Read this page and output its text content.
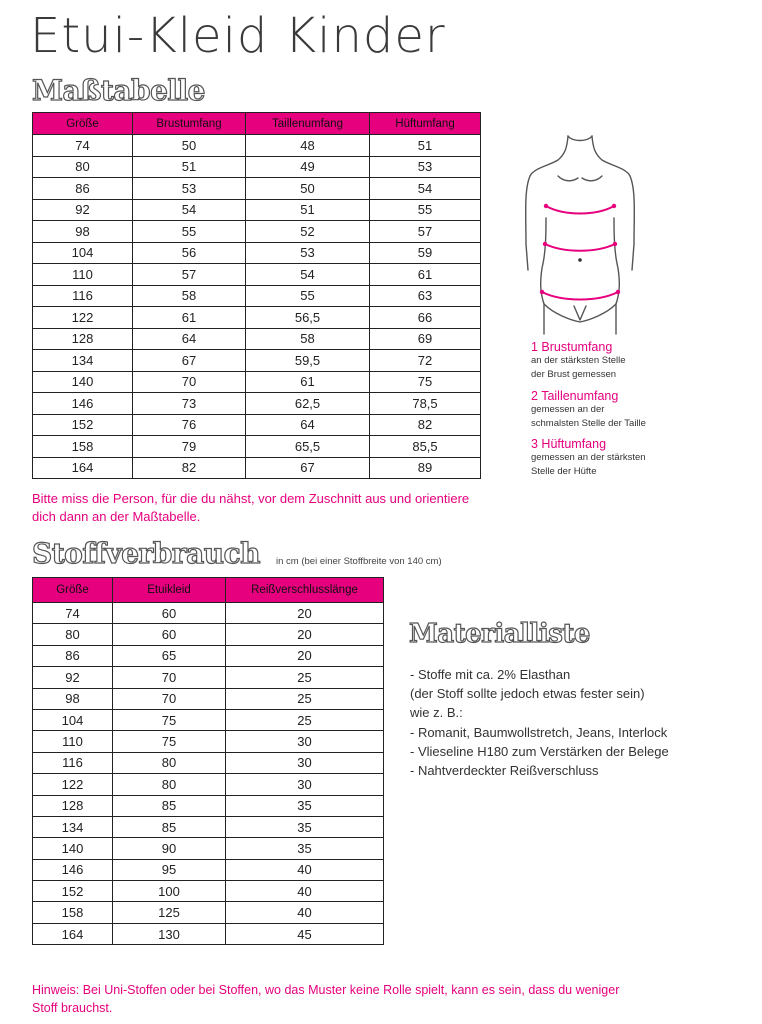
Etui-Kleid Kinder
Maßtabelle
Größe	Brustumfang	Taillenumfang	Hüftumfang
74	50	48	51
80	51	49	53
86	53	50	54
92	54	51	55
98	55	52	57
104	56	53	59
110	57	54	61
116	58	55	63
122	61	56,5	66
128	64	58	69
134	67	59,5	72
140	70	61	75
146	73	62,5	78,5
152	76	64	82
158	79	65,5	85,5
164	82	67	89
1 Brustumfang
an der stärksten Stelle
der Brust gemessen
2 Taillenumfang
gemessen an der
schmalsten Stelle der Taille
3 Hüftumfang
gemessen an der stärksten
Stelle der Hüfte
Bitte miss die Person, für die du nähst, vor dem Zuschnitt aus und orientiere dich dann an der Maßtabelle.
Stoffverbrauch in cm (bei einer Stoffbreite von 140 cm)
Größe	Etuikleid	Reißverschlusslänge
74	60	20
80	60	20
86	65	20
92	70	25
98	70	25
104	75	25
110	75	30
116	80	30
122	80	30
128	85	35
134	85	35
140	90	35
146	95	40
152	100	40
158	125	40
164	130	45
Materialliste
- Stoffe mit ca. 2% Elasthan
(der Stoff sollte jedoch etwas fester sein)
wie z. B.:
- Romanit, Baumwollstretch, Jeans, Interlock
- Vlieseline H180 zum Verstärken der Belege
- Nahtverdeckter Reißverschluss
Hinweis: Bei Uni-Stoffen oder bei Stoffen, wo das Muster keine Rolle spielt, kann es sein, dass du weniger Stoff brauchst.
